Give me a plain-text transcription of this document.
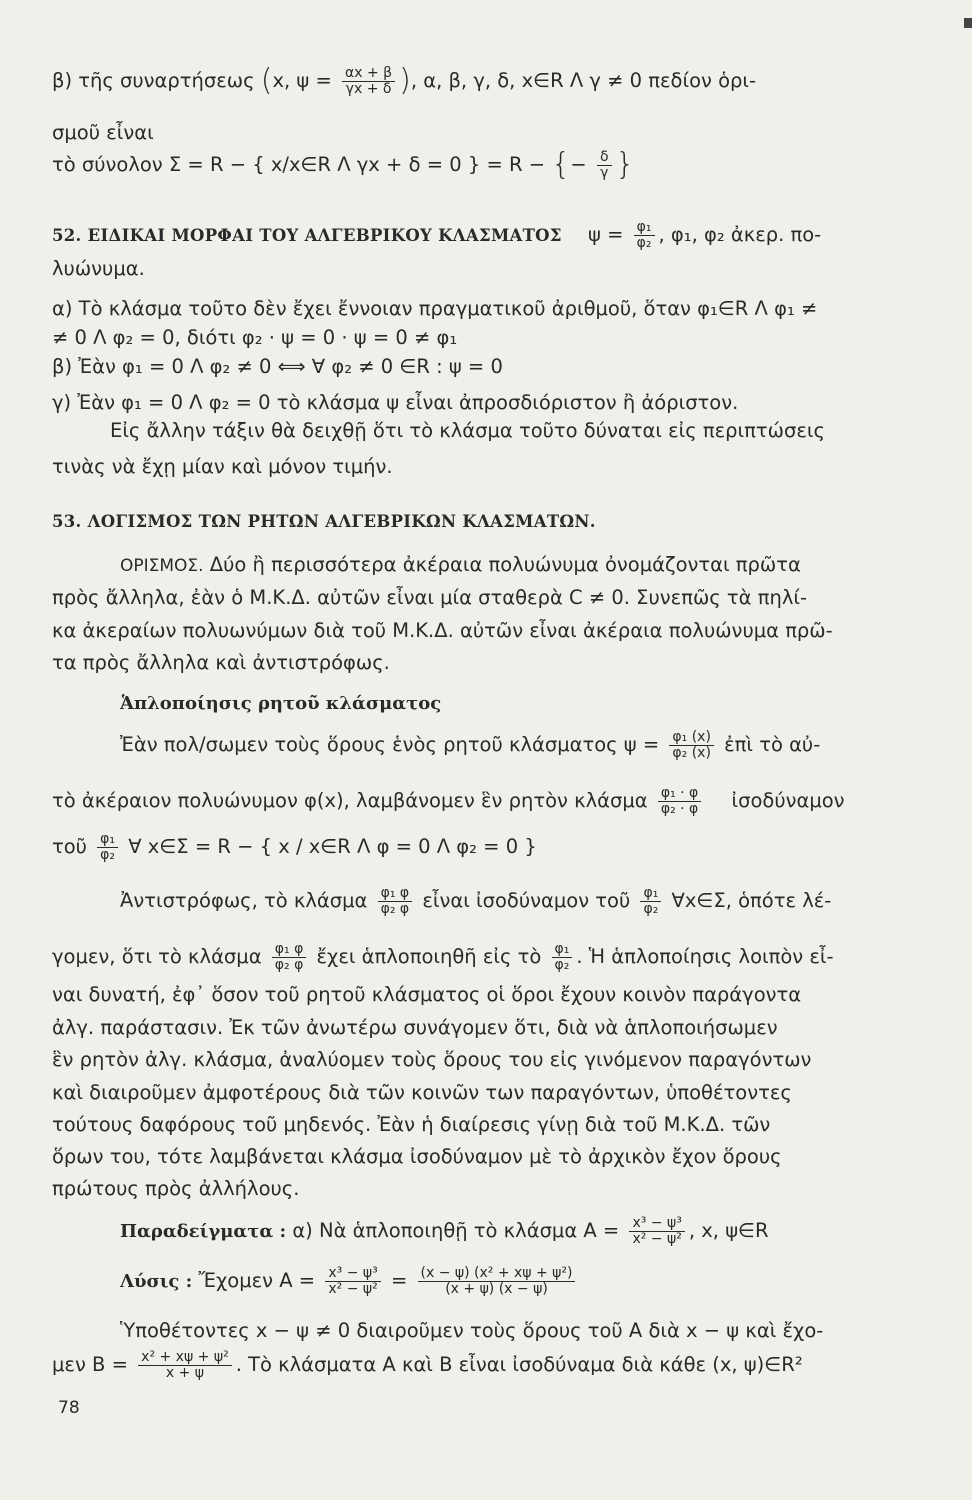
β) τῆς συναρτήσεως (x, $\psi = \frac{\alpha x + \beta}{\gamma x + \delta}$ ), α, β, γ, δ, x∈R Λ γ ≠ 0 πεδίον ὁρι-
σμοῦ εἶναι
τὸ σύνολον Σ = R − { x/x∈R Λ γx + δ = 0 } = R − {− $\frac{\delta}{\gamma}$ }
52. ΕΙΔΙΚΑΙ ΜΟΡΦΑΙ ΤΟΥ ΑΛΓΕΒΡΙΚΟΥ ΚΛΑΣΜΑΤΟΣ $\psi = \frac{\text{φ₁}}{\text{φ₂}}$ , φ₁, φ₂ ἀκερ. πο-
λυώνυμα.
α) Τὸ κλάσμα τοῦτο δὲν ἔχει ἔννοιαν πραγματικοῦ ἀριθμοῦ, ὅταν φ₁∈R Λ φ₁ ≠
≠ 0 Λ φ₂ = 0, διότι φ₂ · ψ = 0 · ψ = 0 ≠ φ₁
β) Ἐὰν φ₁ = 0 Λ φ₂ ≠ 0 ⟺ ∀ φ₂ ≠ 0 ∈R : ψ = 0
γ) Ἐὰν φ₁ = 0 Λ φ₂ = 0 τὸ κλάσμα ψ εἶναι ἀπροσδιόριστον ἢ ἀόριστον.
Εἰς ἄλλην τάξιν θὰ δειχθῇ ὅτι τὸ κλάσμα τοῦτο δύναται εἰς περιπτώσεις
τινὰς νὰ ἔχῃ μίαν καὶ μόνον τιμήν.
53. ΛΟΓΙΣΜΟΣ ΤΩΝ ΡΗΤΩΝ ΑΛΓΕΒΡΙΚΩΝ ΚΛΑΣΜΑΤΩΝ.
ΟΡΙΣΜΟΣ. Δύο ἢ περισσότερα ἀκέραια πολυώνυμα ὀνομάζονται πρῶτα
πρὸς ἄλληλα, ἐὰν ὁ Μ.Κ.Δ. αὐτῶν εἶναι μία σταθερὰ C ≠ 0. Συνεπῶς τὰ πηλί-
κα ἀκεραίων πολυωνύμων διὰ τοῦ Μ.Κ.Δ. αὐτῶν εἶναι ἀκέραια πολυώνυμα πρῶ-
τα πρὸς ἄλληλα καὶ ἀντιστρόφως.
Ἁπλοποίησις ρητοῦ κλάσματος
Ἐὰν πολ/σωμεν τοὺς ὅρους ἑνὸς ρητοῦ κλάσματος $\psi = \frac{\text{φ₁ (x)}}{\text{φ₂ (x)}}$ ἐπὶ τὸ αὐ-
τὸ ἀκέραιον πολυώνυμον φ(x), λαμβάνομεν ἓν ρητὸν κλάσμα $\frac{\text{φ₁ · φ}}{\text{φ₂ · φ}}$ ἰσοδύναμον
τοῦ $\frac{\text{φ₁}}{\text{φ₂}}$ ∀ x∈Σ = R − { x / x∈R Λ φ = 0 Λ φ₂ = 0 }
Ἀντιστρόφως, τὸ κλάσμα $\frac{\text{φ₁ φ}}{\text{φ₂ φ}}$ εἶναι ἰσοδύναμον τοῦ $\frac{\text{φ₁}}{\text{φ₂}}$ ∀x∈Σ, ὁπότε λέ-
γομεν, ὅτι τὸ κλάσμα $\frac{\text{φ₁ φ}}{\text{φ₂ φ}}$ ἔχει ἁπλοποιηθῆ εἰς τὸ $\frac{\text{φ₁}}{\text{φ₂}}$ . Ἡ ἁπλοποίησις λοιπὸν εἶ-
ναι δυνατή, ἐφ᾿ ὅσον τοῦ ρητοῦ κλάσματος οἱ ὅροι ἔχουν κοινὸν παράγοντα
ἀλγ. παράστασιν. Ἐκ τῶν ἀνωτέρω συνάγομεν ὅτι, διὰ νὰ ἁπλοποιήσωμεν
ἓν ρητὸν ἀλγ. κλάσμα, ἀναλύομεν τοὺς ὅρους του εἰς γινόμενον παραγόντων
καὶ διαιροῦμεν ἀμφοτέρους διὰ τῶν κοινῶν των παραγόντων, ὑποθέτοντες
τούτους δαφόρους τοῦ μηδενός. Ἐὰν ἡ διαίρεσις γίνῃ διὰ τοῦ Μ.Κ.Δ. τῶν
ὅρων του, τότε λαμβάνεται κλάσμα ἰσοδύναμον μὲ τὸ ἀρχικὸν ἔχον ὅρους
πρώτους πρὸς ἀλλήλους.
Παραδείγματα : α) Νὰ ἁπλοποιηθῇ τὸ κλάσμα $A = \frac{\text{x³ − ψ³}}{\text{x² − ψ²}}$ , x, ψ∈R
Λύσις : Ἔχομεν $A = \frac{\text{x³ − ψ³}}{\text{x² − ψ²}} = \frac{\text{(x − ψ) (x² + xψ + ψ²)}}{(x + \psi) (x - \psi)}$
Ὑποθέτοντες x − ψ ≠ 0 διαιροῦμεν τοὺς ὅρους τοῦ A διὰ x − ψ καὶ ἔχο-
μεν $B = \frac{\text{x² + xψ + ψ²}}{x + \psi}$ . Τὸ κλάσματα A καὶ B εἶναι ἰσοδύναμα διὰ κάθε (x, ψ)∈R²
78
